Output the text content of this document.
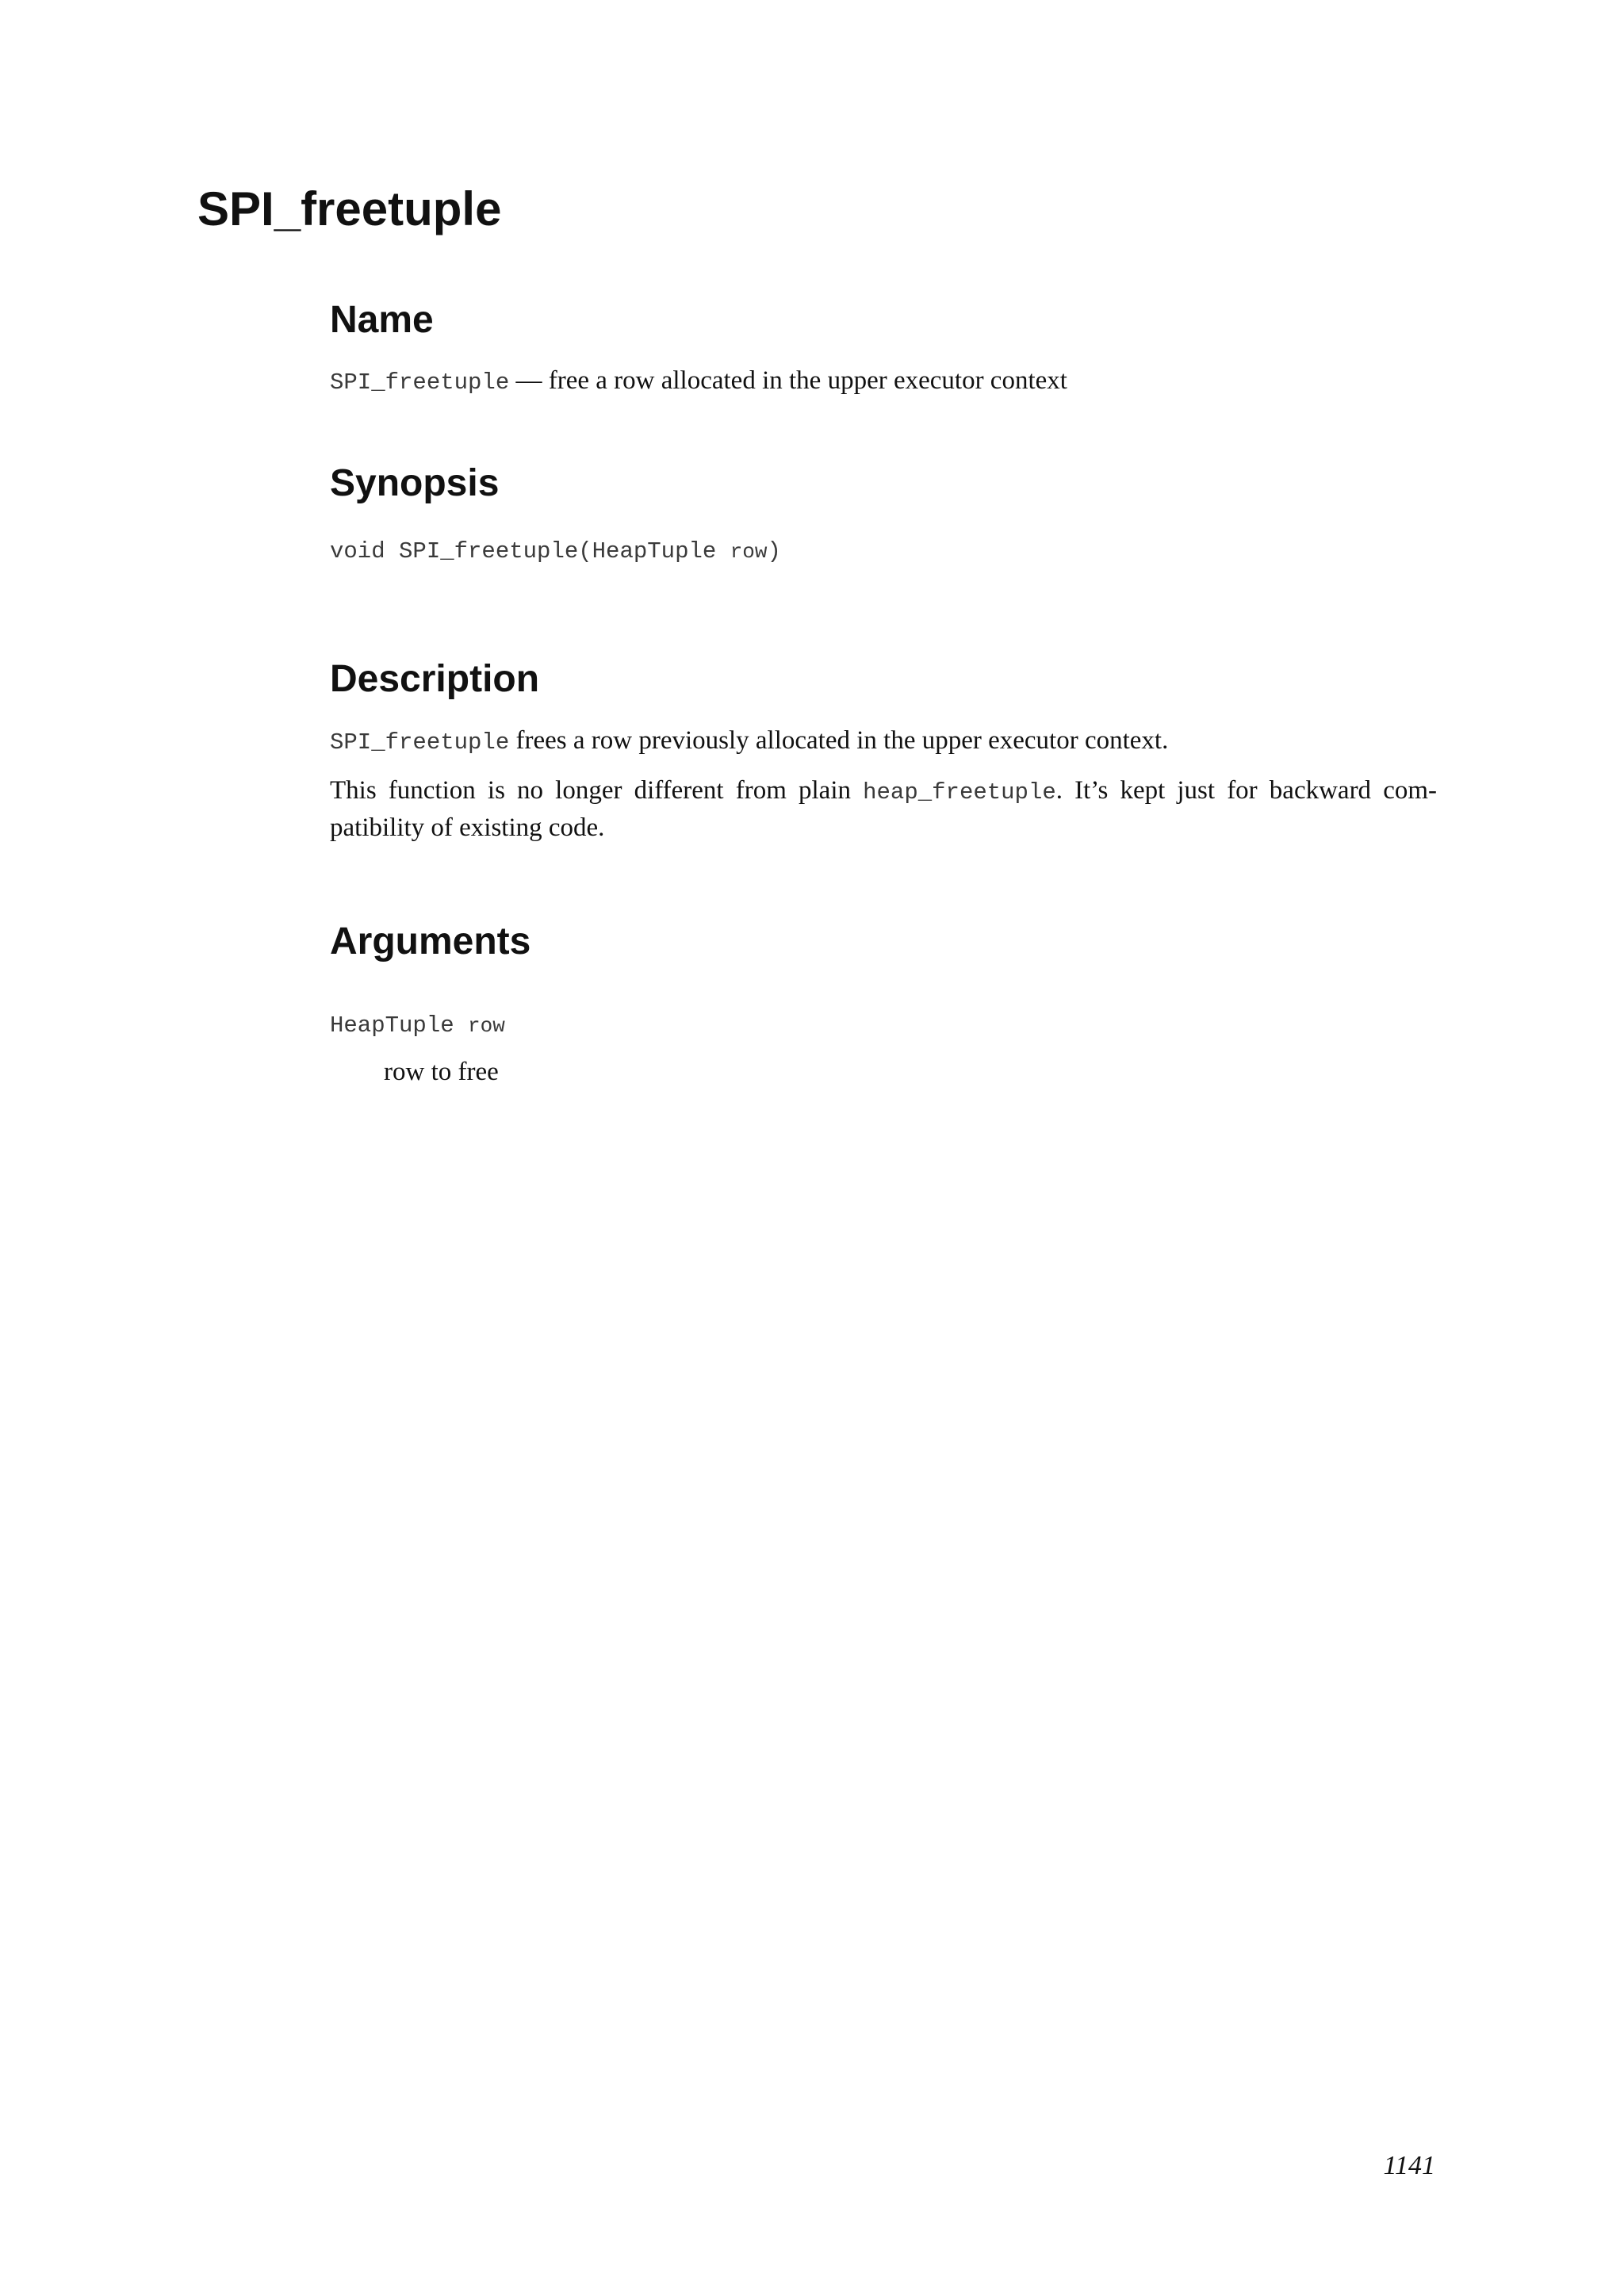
SPI_freetuple
Name

SPI_freetuple — free a row allocated in the upper executor context

Synopsis

void SPI_freetuple(HeapTuple row)

Description

SPI_freetuple frees a row previously allocated in the upper executor context.

This function is no longer different from plain heap_freetuple. It’s kept just for backward com-patibility of existing code.

Arguments

HeapTuple row

row to free

1141
